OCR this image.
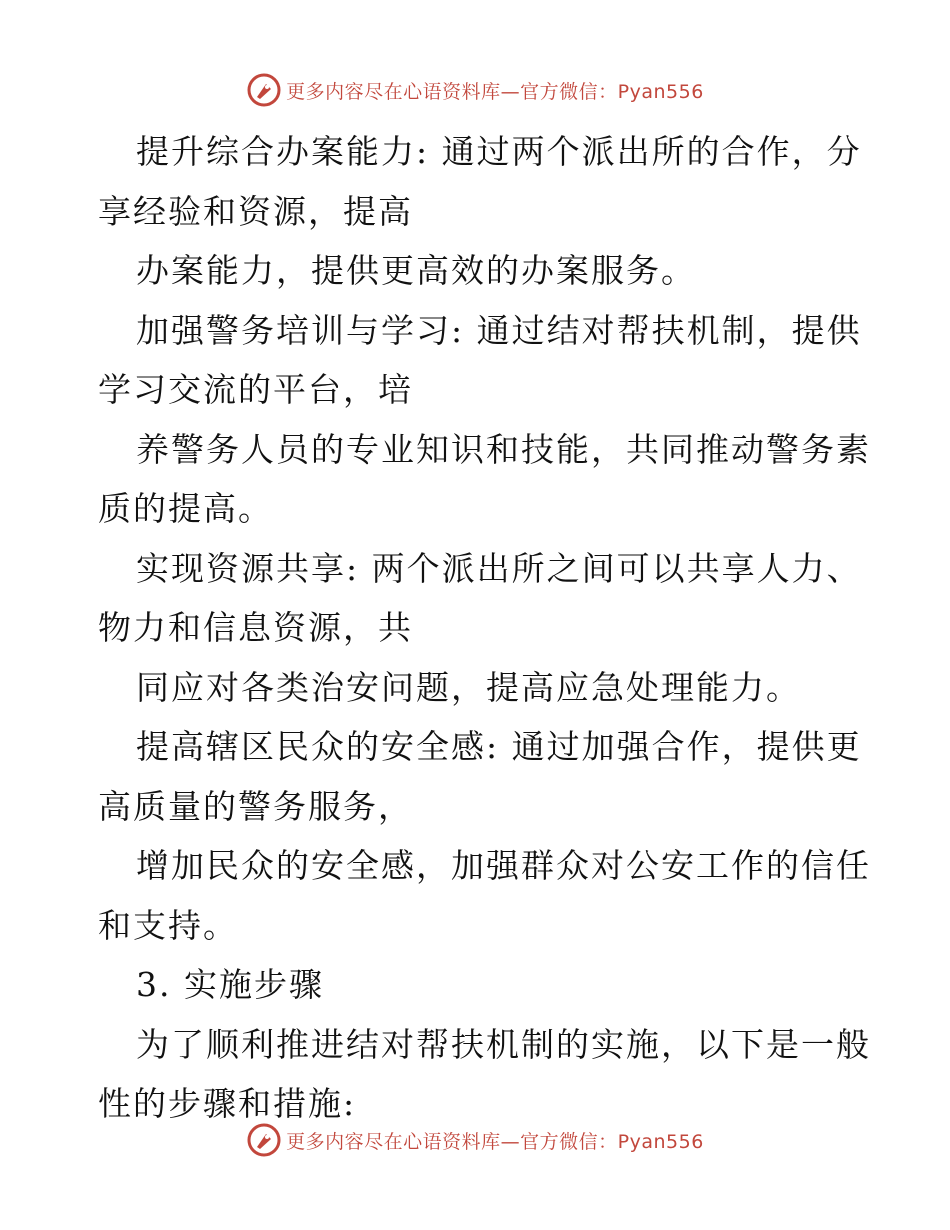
更多内容尽在心语资料库—官方微信：Pyan556
提升综合办案能力: 通过两个派出所的合作，分
享经验和资源，提高
办案能力，提供更高效的办案服务。
加强警务培训与学习: 通过结对帮扶机制，提供
学习交流的平台，培
养警务人员的专业知识和技能，共同推动警务素
质的提高。
实现资源共享: 两个派出所之间可以共享人力、
物力和信息资源，共
同应对各类治安问题，提高应急处理能力。
提高辖区民众的安全感: 通过加强合作，提供更
高质量的警务服务，
增加民众的安全感，加强群众对公安工作的信任
和支持。
3. 实施步骤
为了顺利推进结对帮扶机制的实施，以下是一般
性的步骤和措施:
更多内容尽在心语资料库—官方微信：Pyan556
